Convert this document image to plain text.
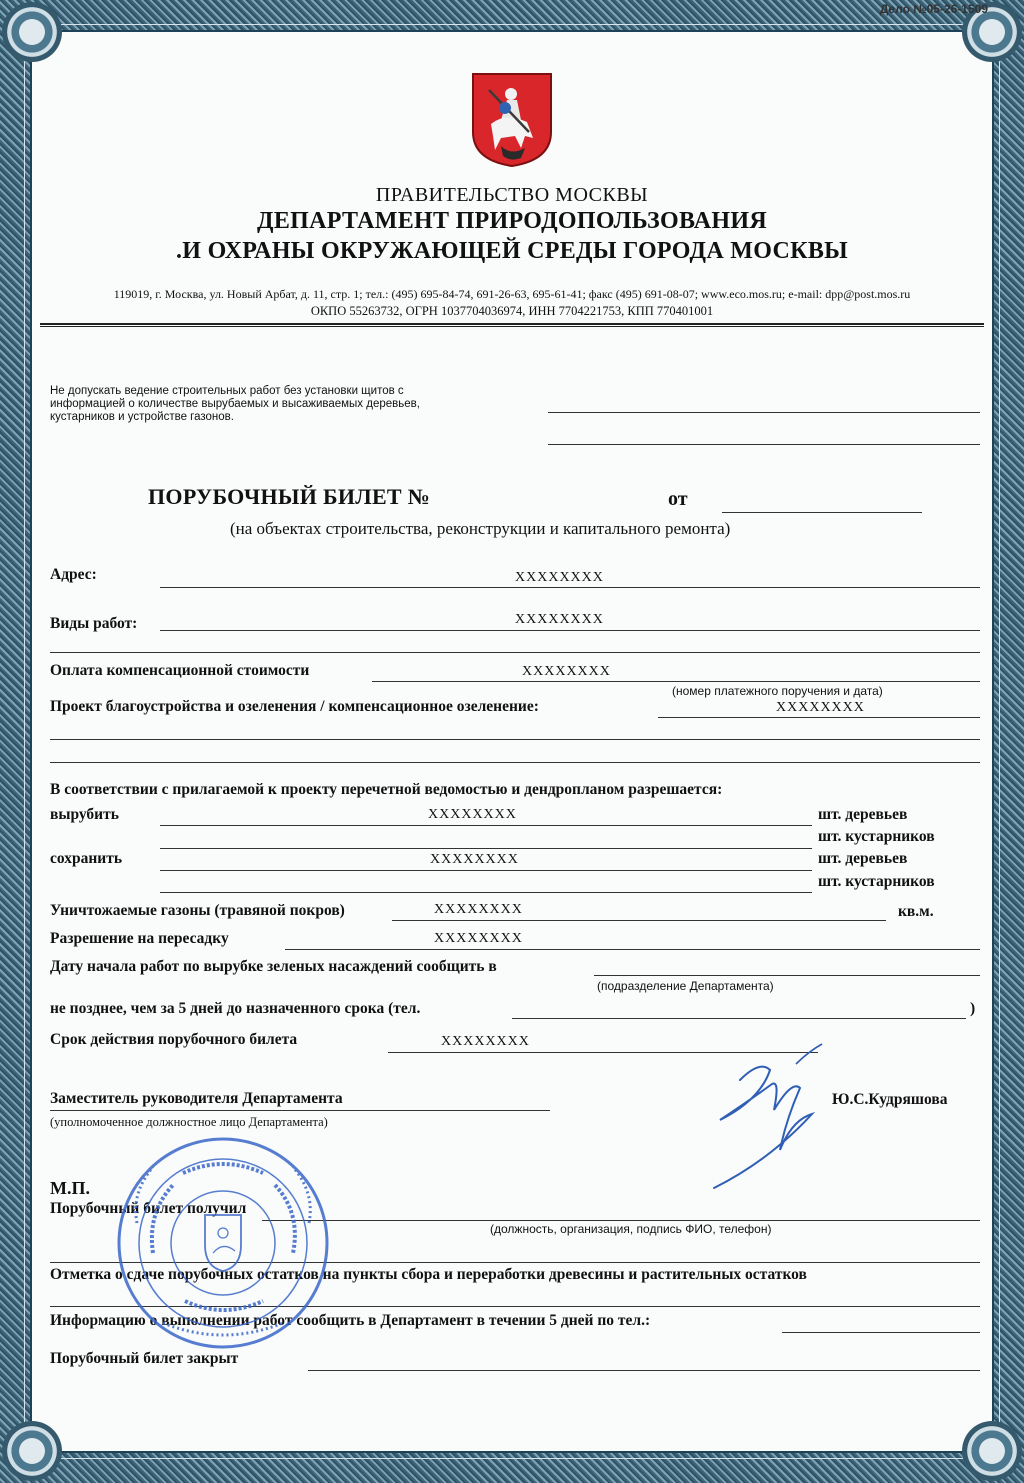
Дело №05-26-1509
ПРАВИТЕЛЬСТВО МОСКВЫ
ДЕПАРТАМЕНТ ПРИРОДОПОЛЬЗОВАНИЯ
.И ОХРАНЫ ОКРУЖАЮЩЕЙ СРЕДЫ ГОРОДА МОСКВЫ
119019, г. Москва, ул. Новый Арбат, д. 11, стр. 1; тел.: (495) 695-84-74, 691-26-63, 695-61-41; факс (495) 691-08-07; www.eco.mos.ru; e-mail: dpp@post.mos.ru
ОКПО 55263732, ОГРН 1037704036974, ИНН 7704221753, КПП 770401001
Не допускать ведение строительных работ без установки щитов с информацией о количестве вырубаемых и высаживаемых деревьев, кустарников и устройстве газонов.
ПОРУБОЧНЫЙ БИЛЕТ №	от
(на объектах строительства, реконструкции и капитального ремонта)
Адрес:	XXXXXXXX
Виды работ:	XXXXXXXX
Оплата компенсационной стоимости	XXXXXXXX
(номер платежного поручения и дата)
Проект благоустройства и озеленения / компенсационное озеленение:	XXXXXXXX
В соответствии с прилагаемой к проекту перечетной ведомостью и дендропланом разрешается:
вырубить	XXXXXXXX	шт. деревьев
шт. кустарников
сохранить	XXXXXXXX	шт. деревьев
шт. кустарников
Уничтожаемые газоны (травяной покров)	XXXXXXXX	кв.м.
Разрешение на пересадку	XXXXXXXX
Дату начала работ по вырубке зеленых насаждений сообщить в
(подразделение Департамента)
не позднее, чем за 5 дней до назначенного срока (тел.	)
Срок действия порубочного билета	XXXXXXXX
Заместитель руководителя Департамента
(уполномоченное должностное лицо Департамента)
Ю.С.Кудряшова
М.П.
Порубочный билет получил
(должность, организация, подпись ФИО, телефон)
Отметка о сдаче порубочных остатков на пункты сбора и переработки древесины и растительных остатков
Информацию о выполнении работ сообщить в Департамент в течении 5 дней по тел.:
Порубочный билет закрыт
